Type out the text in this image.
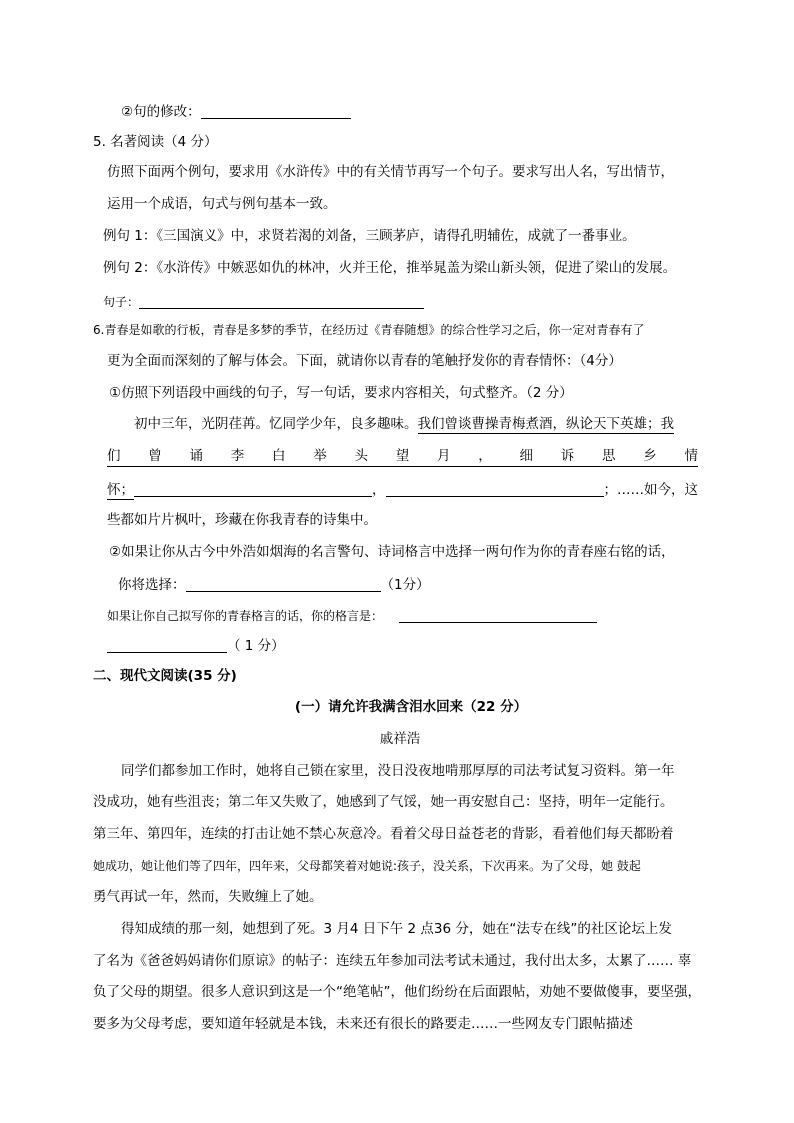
②句的修改：
5. 名著阅读（4 分）
仿照下面两个例句，要求用《水浒传》中的有关情节再写一个句子。要求写出人名，写出情节，
运用一个成语，句式与例句基本一致。
例句 1：《三国演义》中，求贤若渴的刘备，三顾茅庐，请得孔明辅佐，成就了一番事业。
例句 2：《水浒传》中嫉恶如仇的林冲，火并王伦，推举晁盖为梁山新头领，促进了梁山的发展。
句子：
6.青春是如歌的行板，青春是多梦的季节，在经历过《青春随想》的综合性学习之后，你一定对青春有了
更为全面而深刻的了解与体会。下面，就请你以青春的笔触抒发你的青春情怀：（4分）
①仿照下列语段中画线的句子，写一句话，要求内容相关，句式整齐。（2 分）
初中三年，光阴荏苒。忆同学少年，良多趣味。我们曾谈曹操青梅煮酒，纵论天下英雄；我
们 曾 诵 李 白 举 头 望 月 ， 细 诉 思 乡 情
怀；	，	；……如今，这
些都如片片枫叶，珍藏在你我青春的诗集中。
②如果让你从古今中外浩如烟海的名言警句、诗词格言中选择一两句作为你的青春座右铭的话，
你将选择：	（1分）
如果让你自己拟写你的青春格言的话，你的格言是：
（ 1 分）
二、现代文阅读(35 分)
(一）请允许我满含泪水回来（22 分）
戚祥浩
同学们都参加工作时，她将自己锁在家里，没日没夜地啃那厚厚的司法考试复习资料。第一年
没成功，她有些沮丧；第二年又失败了，她感到了气馁，她一再安慰自己：坚持，明年一定能行。
第三年、第四年，连续的打击让她不禁心灰意冷。看着父母日益苍老的背影，看着他们每天都盼着
她成功，她让他们等了四年，四年来，父母都笑着对她说:孩子，没关系，下次再来。为了父母，她 鼓起
勇气再试一年，然而，失败缠上了她。
得知成绩的那一刻，她想到了死。3 月4 日下午 2 点36 分，她在“法专在线”的社区论坛上发
了名为《爸爸妈妈请你们原谅》的帖子：连续五年参加司法考试未通过，我付出太多，太累了…… 辜
负了父母的期望。很多人意识到这是一个“绝笔帖”，他们纷纷在后面跟帖，劝她不要做傻事，要坚强，
要多为父母考虑，要知道年轻就是本钱，未来还有很长的路要走……一些网友专门跟帖描述
